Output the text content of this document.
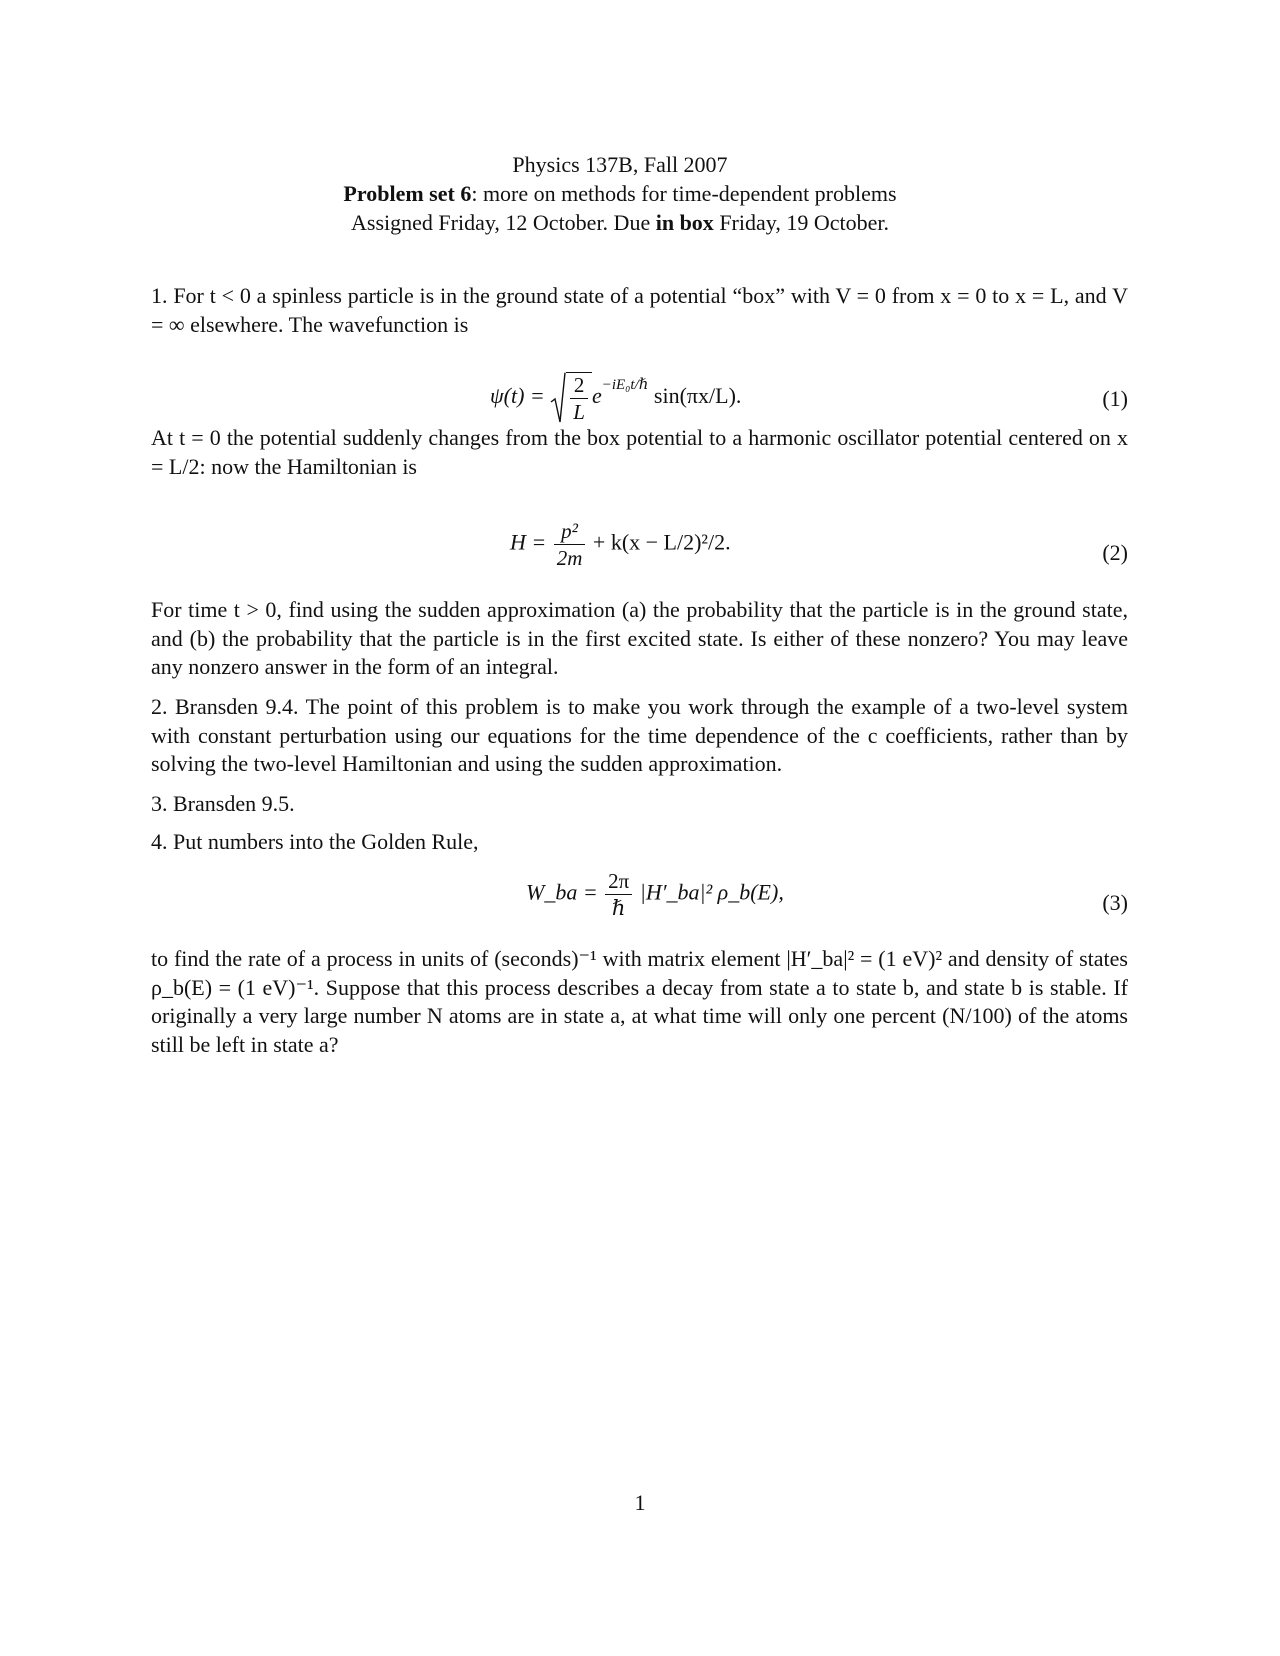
Physics 137B, Fall 2007
Problem set 6: more on methods for time-dependent problems
Assigned Friday, 12 October. Due in box Friday, 19 October.
1. For t < 0 a spinless particle is in the ground state of a potential “box” with V = 0 from x = 0 to x = L, and V = ∞ elsewhere. The wavefunction is
$\psi(t) = \frac{2}{L} e^{-iE_0t/\hbar}$ sin(πx/L).	(1)
At t = 0 the potential suddenly changes from the box potential to a harmonic oscillator potential centered on x = L/2: now the Hamiltonian is
$H = \frac{\text{p²}}{2m} + k(x - L/2)^2/2$.	(2)
For time t > 0, find using the sudden approximation (a) the probability that the particle is in the ground state, and (b) the probability that the particle is in the first excited state. Is either of these nonzero? You may leave any nonzero answer in the form of an integral.
2. Bransden 9.4. The point of this problem is to make you work through the example of a two-level system with constant perturbation using our equations for the time dependence of the c coefficients, rather than by solving the two-level Hamiltonian and using the sudden approximation.
3. Bransden 9.5.
4. Put numbers into the Golden Rule,
W_ba = $\frac{2\pi}{\text{ℏ}}$ |H′_ba|² ρ_b(E),	(3)
to find the rate of a process in units of (seconds)⁻¹ with matrix element |H′_ba|² = (1 eV)² and density of states ρ_b(E) = (1 eV)⁻¹. Suppose that this process describes a decay from state a to state b, and state b is stable. If originally a very large number N atoms are in state a, at what time will only one percent (N/100) of the atoms still be left in state a?
1
